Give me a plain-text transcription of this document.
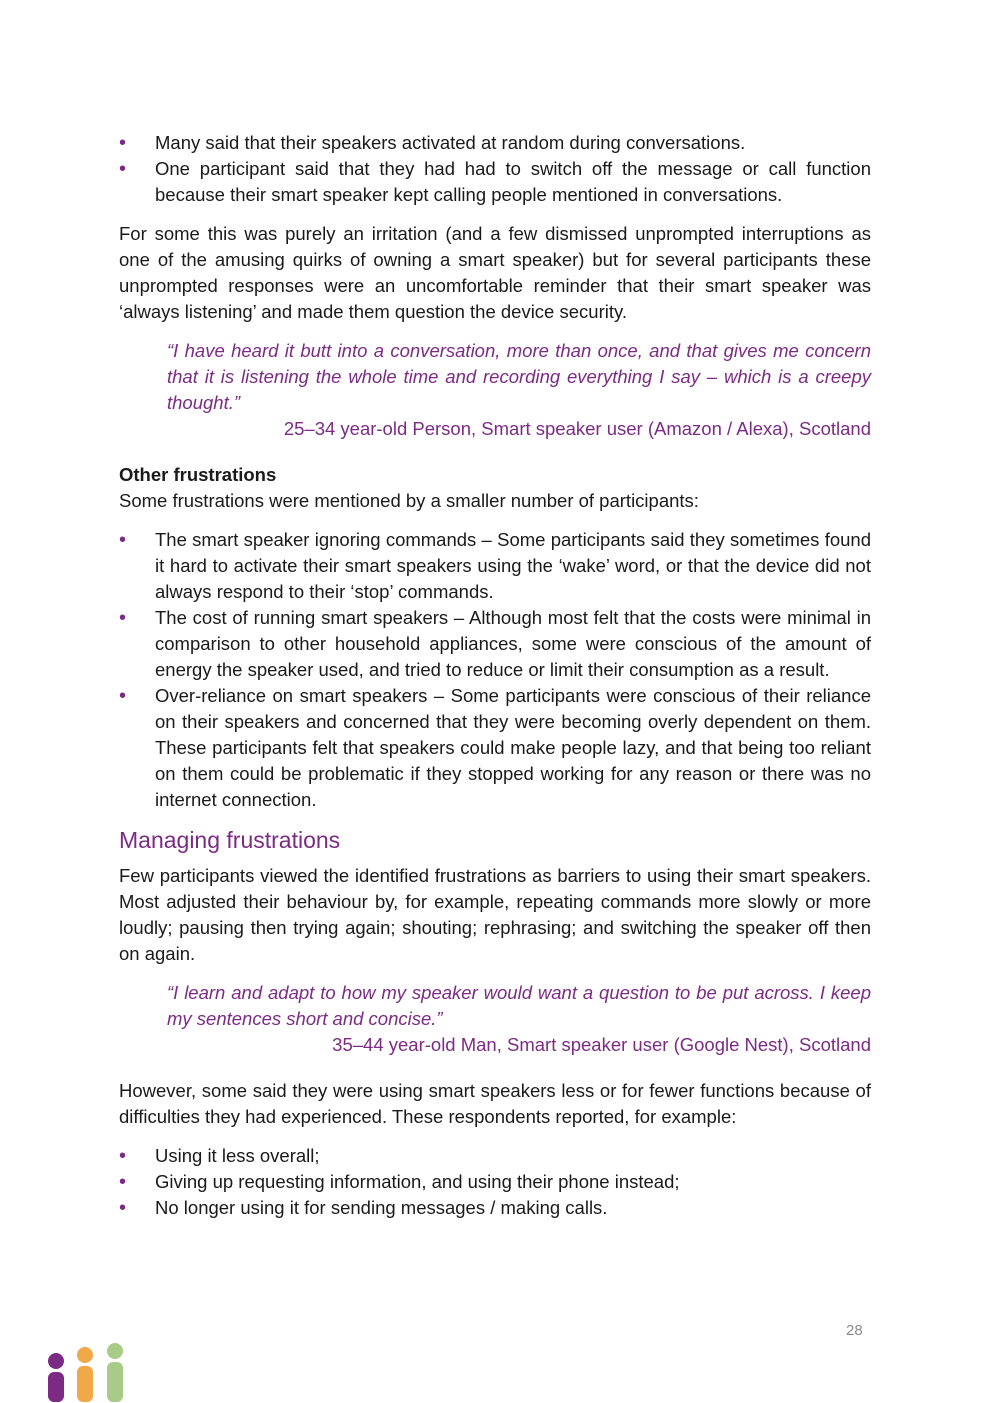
• Many said that their speakers activated at random during conversations.
• One participant said that they had had to switch off the message or call function because their smart speaker kept calling people mentioned in conversations.

For some this was purely an irritation (and a few dismissed unprompted interruptions as one of the amusing quirks of owning a smart speaker) but for several participants these unprompted responses were an uncomfortable reminder that their smart speaker was ‘always listening’ and made them question the device security.

“I have heard it butt into a conversation, more than once, and that gives me concern that it is listening the whole time and recording everything I say – which is a creepy thought.”

25–34 year-old Person, Smart speaker user (Amazon / Alexa), Scotland

Other frustrations

Some frustrations were mentioned by a smaller number of participants:

• The smart speaker ignoring commands – Some participants said they sometimes found it hard to activate their smart speakers using the ‘wake’ word, or that the device did not always respond to their ‘stop’ commands.
• The cost of running smart speakers – Although most felt that the costs were minimal in comparison to other household appliances, some were conscious of the amount of energy the speaker used, and tried to reduce or limit their consumption as a result.
• Over-reliance on smart speakers – Some participants were conscious of their reliance on their speakers and concerned that they were becoming overly dependent on them. These participants felt that speakers could make people lazy, and that being too reliant on them could be problematic if they stopped working for any reason or there was no internet connection.
Managing frustrations

Few participants viewed the identified frustrations as barriers to using their smart speakers. Most adjusted their behaviour by, for example, repeating commands more slowly or more loudly; pausing then trying again; shouting; rephrasing; and switching the speaker off then on again.

“I learn and adapt to how my speaker would want a question to be put across. I keep my sentences short and concise.”

35–44 year-old Man, Smart speaker user (Google Nest), Scotland

However, some said they were using smart speakers less or for fewer functions because of difficulties they had experienced. These respondents reported, for example:

• Using it less overall;
• Giving up requesting information, and using their phone instead;
• No longer using it for sending messages / making calls.
28
